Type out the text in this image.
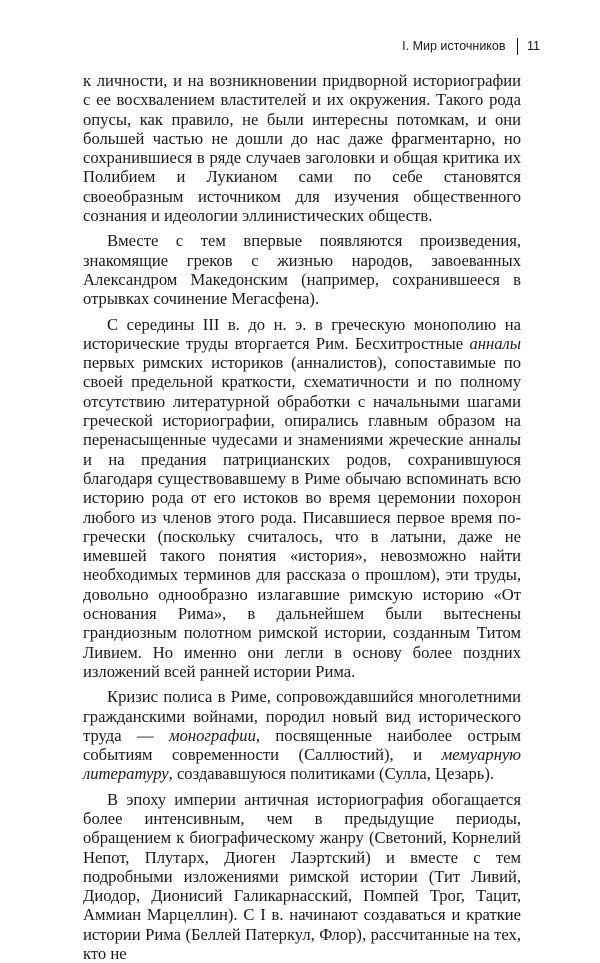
I. Мир источников 11

к личности, и на возникновении придворной историографии с ее восхвалением властителей и их окружения. Такого рода опусы, как правило, не были интересны потомкам, и они большей частью не дошли до нас даже фрагментарно, но сохранившиеся в ряде случаев заголовки и общая критика их Полибием и Лукианом сами по себе становятся своеобразным источником для изучения общественного сознания и идеологии эллинистических обществ.

Вместе с тем впервые появляются произведения, знакомящие греков с жизнью народов, завоеванных Александром Македонским (например, сохранившееся в отрывках сочинение Мегасфена).

С середины III в. до н. э. в греческую монополию на исторические труды вторгается Рим. Бесхитростные анналы первых римских историков (анналистов), сопоставимые по своей предельной краткости, схематичности и по полному отсутствию литературной обработки с начальными шагами греческой историографии, опирались главным образом на перенасыщенные чудесами и знамениями жреческие анналы и на предания патрицианских родов, сохранившуюся благодаря существовавшему в Риме обычаю вспоминать всю историю рода от его истоков во время церемонии похорон любого из членов этого рода. Писавшиеся первое время по-гречески (поскольку считалось, что в латыни, даже не имевшей такого понятия «история», невозможно найти необходимых терминов для рассказа о прошлом), эти труды, довольно однообразно излагавшие римскую историю «От основания Рима», в дальнейшем были вытеснены грандиозным полотном римской истории, созданным Титом Ливием. Но именно они легли в основу более поздних изложений всей ранней истории Рима.

Кризис полиса в Риме, сопровождавшийся многолетними гражданскими войнами, породил новый вид исторического труда — монографии, посвященные наиболее острым событиям современности (Саллюстий), и мемуарную литературу, создававшуюся политиками (Сулла, Цезарь).

В эпоху империи античная историография обогащается более интенсивным, чем в предыдущие периоды, обращением к биографическому жанру (Светоний, Корнелий Непот, Плутарх, Диоген Лаэртский) и вместе с тем подробными изложениями римской истории (Тит Ливий, Диодор, Дионисий Галикарнасский, Помпей Трог, Тацит, Аммиан Марцеллин). С I в. начинают создаваться и краткие истории Рима (Беллей Патеркул, Флор), рассчитанные на тех, кто не
